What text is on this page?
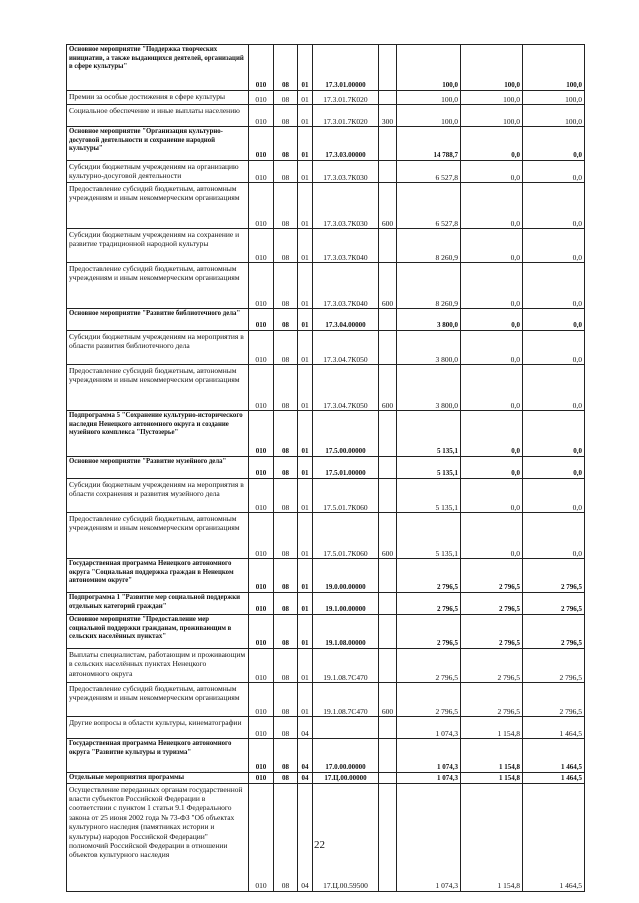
Основное мероприятие "Поддержка творческих инициатив, а также выдающихся деятелей, организаций в сфере культуры"	010	08	01	17.3.01.00000		100,0	100,0	100,0
Премии за особые достижения в сфере культуры	010	08	01	17.3.01.7К020		100,0	100,0	100,0
Социальное обеспечение и иные выплаты населению	010	08	01	17.3.01.7К020	300	100,0	100,0	100,0
Основное мероприятие "Организация культурно-досуговой деятельности и сохранение народной культуры"	010	08	01	17.3.03.00000		14 788,7	0,0	0,0
Субсидии бюджетным учреждениям на организацию культурно-досуговой деятельности	010	08	01	17.3.03.7К030		6 527,8	0,0	0,0
Предоставление субсидий бюджетным, автономным учреждениям и иным некоммерческим организациям	010	08	01	17.3.03.7К030	600	6 527,8	0,0	0,0
Субсидии бюджетным учреждениям на сохранение и развитие традиционной народной культуры	010	08	01	17.3.03.7К040		8 260,9	0,0	0,0
Предоставление субсидий бюджетным, автономным учреждениям и иным некоммерческим организациям	010	08	01	17.3.03.7К040	600	8 260,9	0,0	0,0
Основное мероприятие "Развитие библиотечного дела"	010	08	01	17.3.04.00000		3 800,0	0,0	0,0
Субсидии бюджетным учреждениям на мероприятия в области развития библиотечного дела	010	08	01	17.3.04.7К050		3 800,0	0,0	0,0
Предоставление субсидий бюджетным, автономным учреждениям и иным некоммерческим организациям	010	08	01	17.3.04.7К050	600	3 800,0	0,0	0,0
Подпрограмма 5 "Сохранение культурно-исторического наследия Ненецкого автономного округа и создание музейного комплекса "Пустозерье"	010	08	01	17.5.00.00000		5 135,1	0,0	0,0
Основное мероприятие "Развитие музейного дела"	010	08	01	17.5.01.00000		5 135,1	0,0	0,0
Субсидии бюджетным учреждениям на мероприятия в области сохранения и развития музейного дела	010	08	01	17.5.01.7К060		5 135,1	0,0	0,0
Предоставление субсидий бюджетным, автономным учреждениям и иным некоммерческим организациям	010	08	01	17.5.01.7К060	600	5 135,1	0,0	0,0
Государственная программа Ненецкого автономного округа "Социальная поддержка граждан в Ненецком автономном округе"	010	08	01	19.0.00.00000		2 796,5	2 796,5	2 796,5
Подпрограмма 1 "Развитие мер социальной поддержки отдельных категорий граждан"	010	08	01	19.1.00.00000		2 796,5	2 796,5	2 796,5
Основное мероприятие "Предоставление мер социальной поддержки гражданам, проживающим в сельских населённых пунктах"	010	08	01	19.1.08.00000		2 796,5	2 796,5	2 796,5
Выплаты специалистам, работающим и проживающим в сельских населённых пунктах Ненецкого автономного округа	010	08	01	19.1.08.7С470		2 796,5	2 796,5	2 796,5
Предоставление субсидий бюджетным, автономным учреждениям и иным некоммерческим организациям	010	08	01	19.1.08.7С470	600	2 796,5	2 796,5	2 796,5
Другие вопросы в области культуры, кинематографии	010	08	04			1 074,3	1 154,8	1 464,5
Государственная программа Ненецкого автономного округа "Развитие культуры и туризма"	010	08	04	17.0.00.00000		1 074,3	1 154,8	1 464,5
Отдельные мероприятия программы	010	08	04	17.Ц.00.00000		1 074,3	1 154,8	1 464,5
Осуществление переданных органам государственной власти субъектов Российской Федерации в соответствии с пунктом 1 статьи 9.1 Федерального закона от 25 июня 2002 года № 73-ФЗ "Об объектах культурного наследия (памятниках истории и культуры) народов Российской Федерации" полномочий Российской Федерации в отношении объектов культурного наследия	010	08	04	17.Ц.00.59500		1 074,3	1 154,8	1 464,5
22
